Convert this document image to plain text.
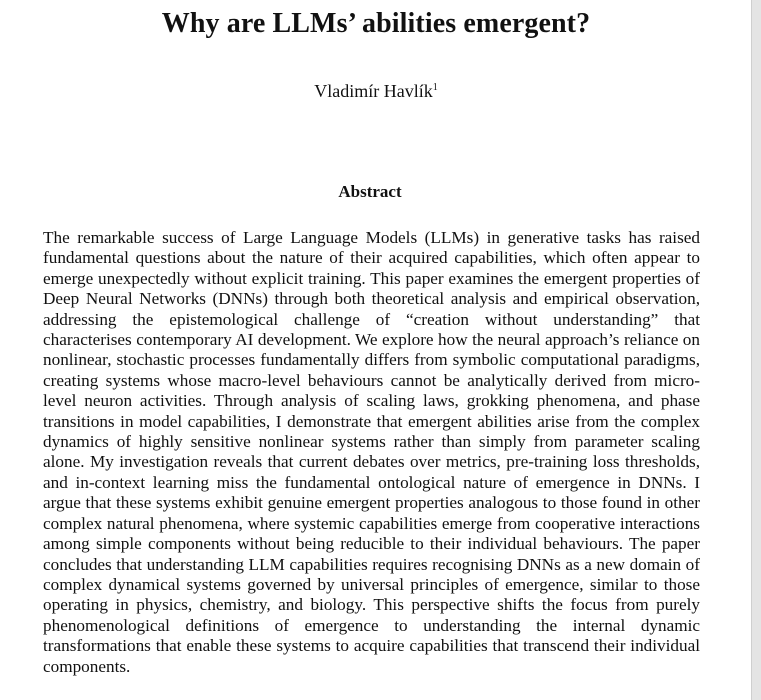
Why are LLMs’ abilities emergent?
Vladimír Havlík$^1$
Abstract

The remarkable success of Large Language Models (LLMs) in generative tasks has raised fundamental questions about the nature of their acquired capabilities, which often appear to emerge unexpectedly without explicit training. This paper examines the emergent properties of Deep Neural Networks (DNNs) through both theoretical analysis and empirical observation, addressing the epistemological challenge of “creation without understanding” that characterises contemporary AI development. We explore how the neural approach’s reliance on nonlinear, stochastic processes fundamentally differs from symbolic computational paradigms, creating systems whose macro-level behaviours cannot be analytically derived from micro-level neuron activities. Through analysis of scaling laws, grokking phenomena, and phase transitions in model capabilities, I demonstrate that emergent abilities arise from the complex dynamics of highly sensitive nonlinear systems rather than simply from parameter scaling alone. My investigation reveals that current debates over metrics, pre-training loss thresholds, and in-context learning miss the fundamental ontological nature of emergence in DNNs. I argue that these systems exhibit genuine emergent properties analogous to those found in other complex natural phenomena, where systemic capabilities emerge from cooperative interactions among simple components without being reducible to their individual behaviours. The paper concludes that understanding LLM capabilities requires recognising DNNs as a new domain of complex dynamical systems governed by universal principles of emergence, similar to those operating in physics, chemistry, and biology. This perspective shifts the focus from purely phenomenological definitions of emergence to understanding the internal dynamic transformations that enable these systems to acquire capabilities that transcend their individual components.
